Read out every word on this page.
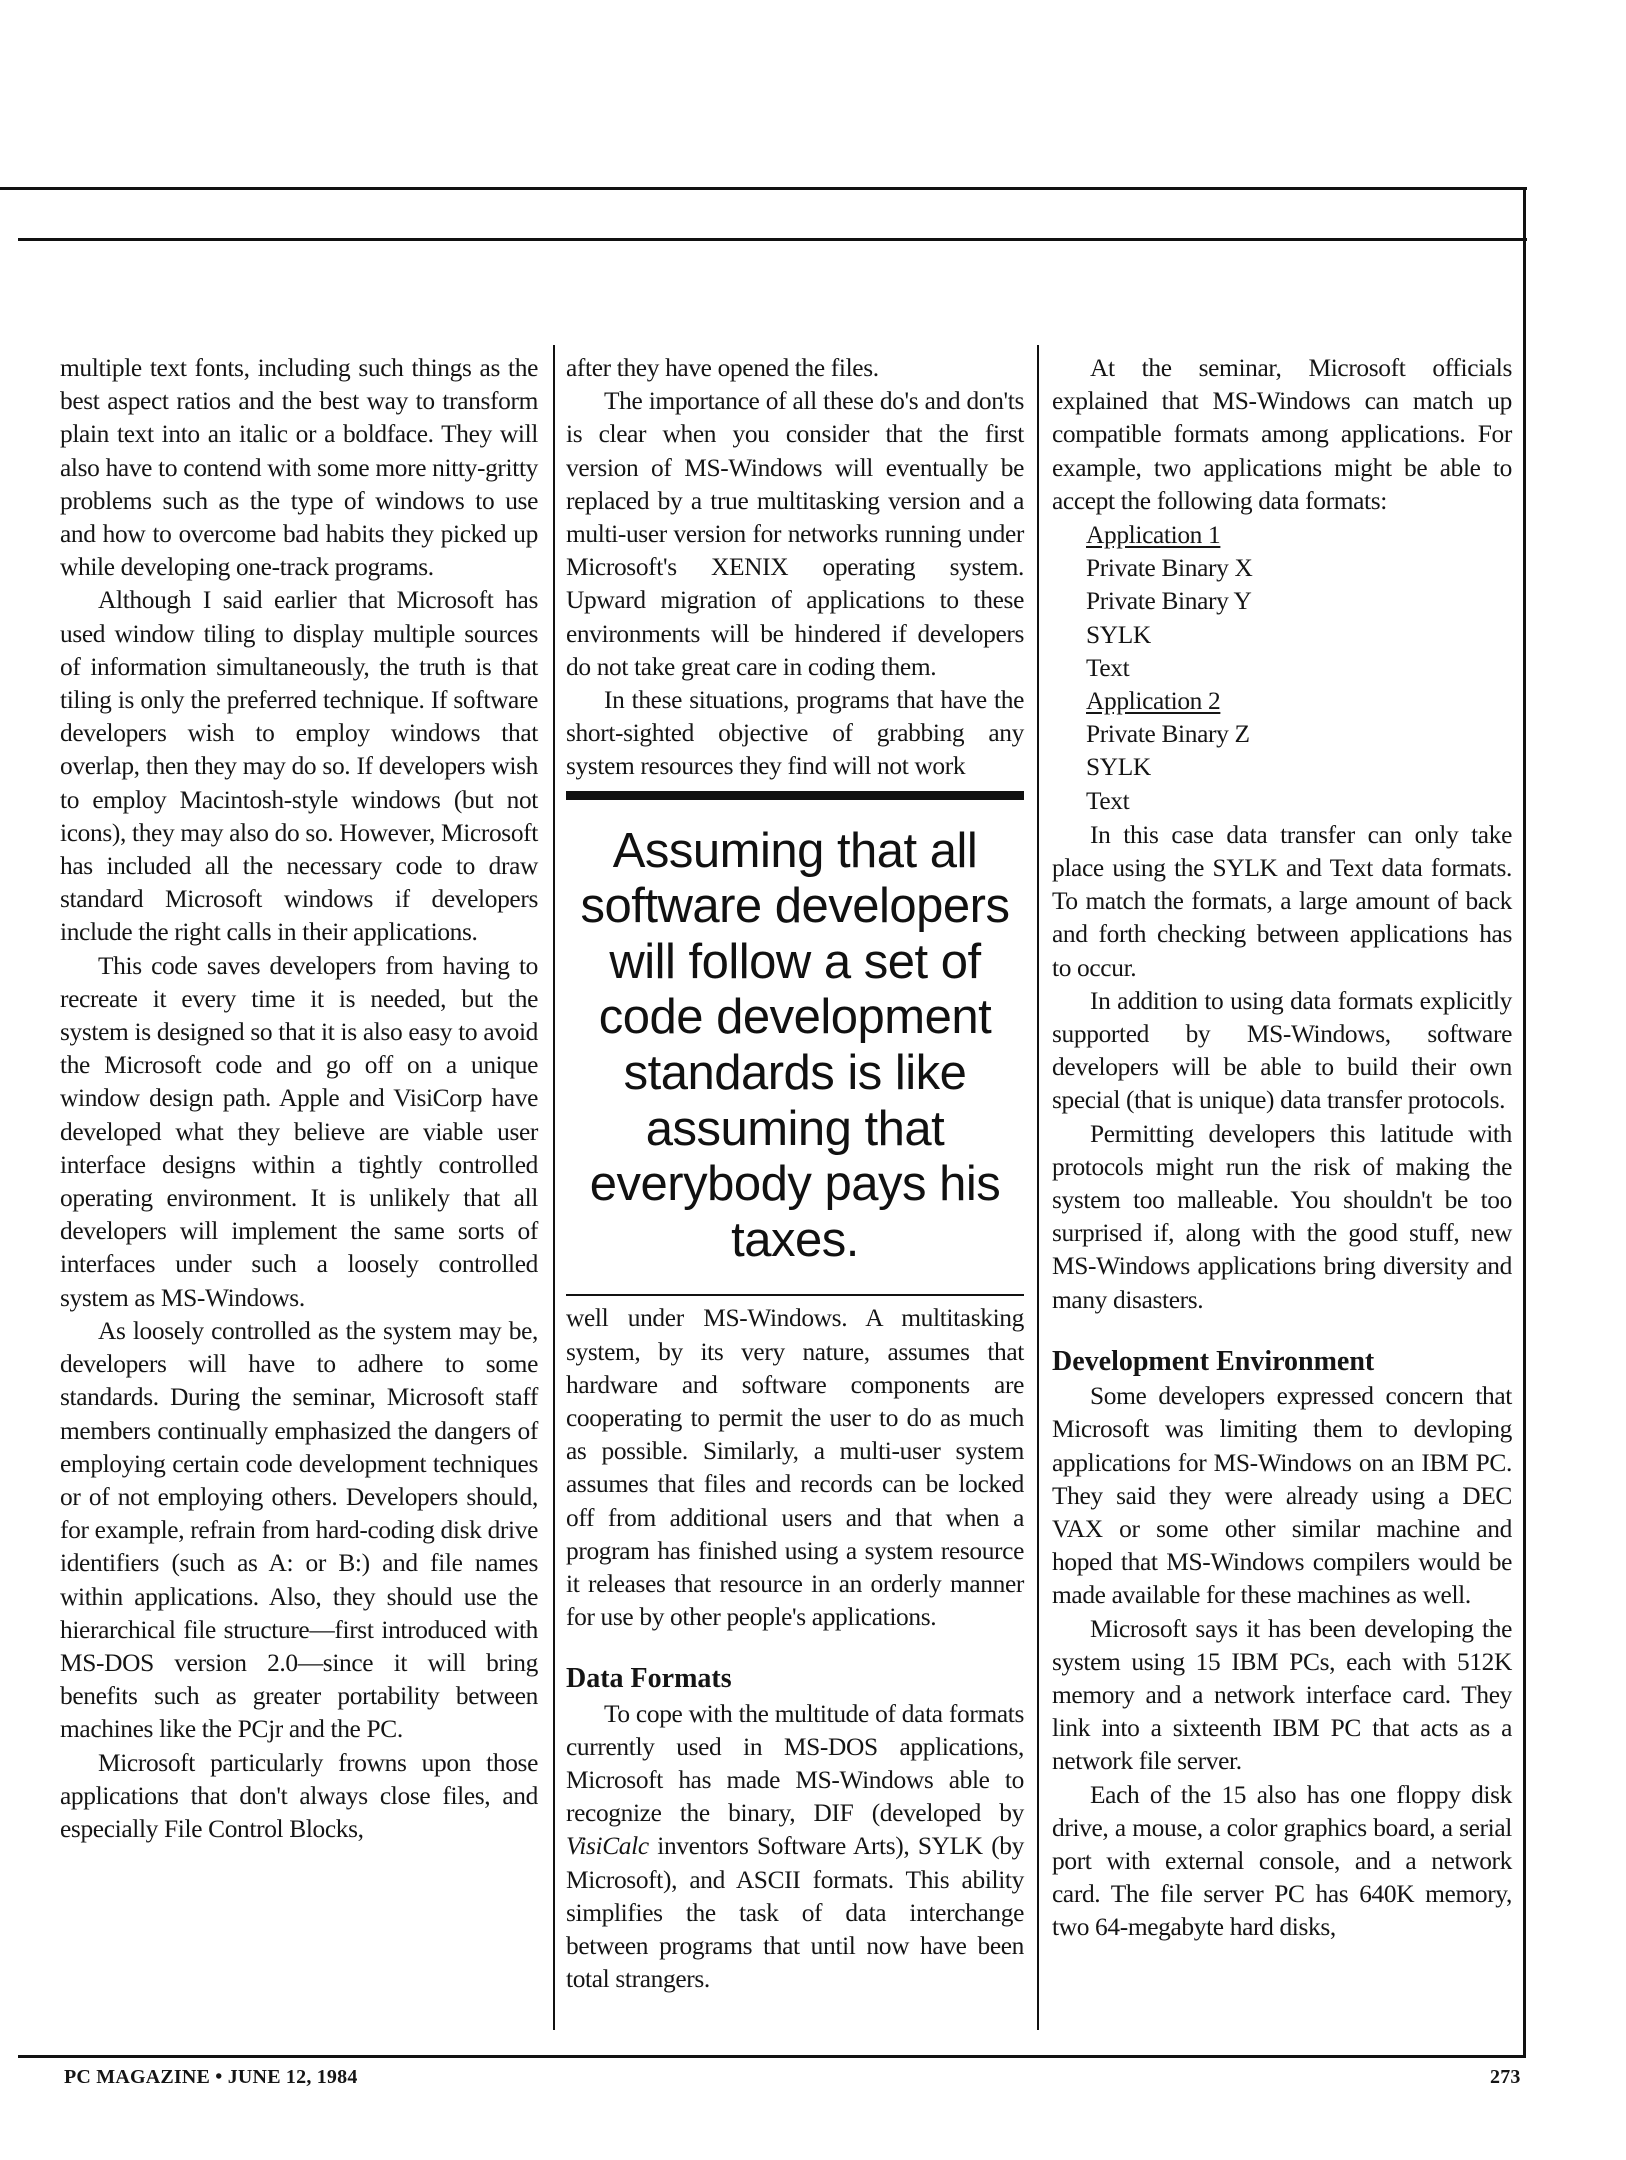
multiple text fonts, including such things as the best aspect ratios and the best way to transform plain text into an italic or a boldface. They will also have to contend with some more nitty-gritty problems such as the type of windows to use and how to overcome bad habits they picked up while developing one-track programs.

Although I said earlier that Microsoft has used window tiling to display multiple sources of information simultaneously, the truth is that tiling is only the preferred technique. If software developers wish to employ windows that overlap, then they may do so. If developers wish to employ Macintosh-style windows (but not icons), they may also do so. However, Microsoft has included all the necessary code to draw standard Microsoft windows if developers include the right calls in their applications.

This code saves developers from having to recreate it every time it is needed, but the system is designed so that it is also easy to avoid the Microsoft code and go off on a unique window design path. Apple and VisiCorp have developed what they believe are viable user interface designs within a tightly controlled operating environment. It is unlikely that all developers will implement the same sorts of interfaces under such a loosely controlled system as MS-Windows.

As loosely controlled as the system may be, developers will have to adhere to some standards. During the seminar, Microsoft staff members continually emphasized the dangers of employing certain code development techniques or of not employing others. Developers should, for example, refrain from hard-coding disk drive identifiers (such as A: or B:) and file names within applications. Also, they should use the hierarchical file structure—first introduced with MS-DOS version 2.0—since it will bring benefits such as greater portability between machines like the PCjr and the PC.

Microsoft particularly frowns upon those applications that don't always close files, and especially File Control Blocks,

after they have opened the files.

The importance of all these do's and don'ts is clear when you consider that the first version of MS-Windows will eventually be replaced by a true multitasking version and a multi-user version for networks running under Microsoft's XENIX operating system. Upward migration of applications to these environments will be hindered if developers do not take great care in coding them.

In these situations, programs that have the short-sighted objective of grabbing any system resources they find will not work

Assuming that all software developers will follow a set of code development standards is like assuming that everybody pays his taxes.

well under MS-Windows. A multitasking system, by its very nature, assumes that hardware and software components are cooperating to permit the user to do as much as possible. Similarly, a multi-user system assumes that files and records can be locked off from additional users and that when a program has finished using a system resource it releases that resource in an orderly manner for use by other people's applications.

Data Formats

To cope with the multitude of data formats currently used in MS-DOS applications, Microsoft has made MS-Windows able to recognize the binary, DIF (developed by VisiCalc inventors Software Arts), SYLK (by Microsoft), and ASCII formats. This ability simplifies the task of data interchange between programs that until now have been total strangers.

At the seminar, Microsoft officials explained that MS-Windows can match up compatible formats among applications. For example, two applications might be able to accept the following data formats:

Application 1
Private Binary X
Private Binary Y
SYLK
Text
Application 2
Private Binary Z
SYLK
Text

In this case data transfer can only take place using the SYLK and Text data formats. To match the formats, a large amount of back and forth checking between applications has to occur.

In addition to using data formats explicitly supported by MS-Windows, software developers will be able to build their own special (that is unique) data transfer protocols.

Permitting developers this latitude with protocols might run the risk of making the system too malleable. You shouldn't be too surprised if, along with the good stuff, new MS-Windows applications bring diversity and many disasters.

Development Environment

Some developers expressed concern that Microsoft was limiting them to devloping applications for MS-Windows on an IBM PC. They said they were already using a DEC VAX or some other similar machine and hoped that MS-Windows compilers would be made available for these machines as well.

Microsoft says it has been developing the system using 15 IBM PCs, each with 512K memory and a network interface card. They link into a sixteenth IBM PC that acts as a network file server.

Each of the 15 also has one floppy disk drive, a mouse, a color graphics board, a serial port with external console, and a network card. The file server PC has 640K memory, two 64-megabyte hard disks,

PC MAGAZINE • JUNE 12, 1984	273
